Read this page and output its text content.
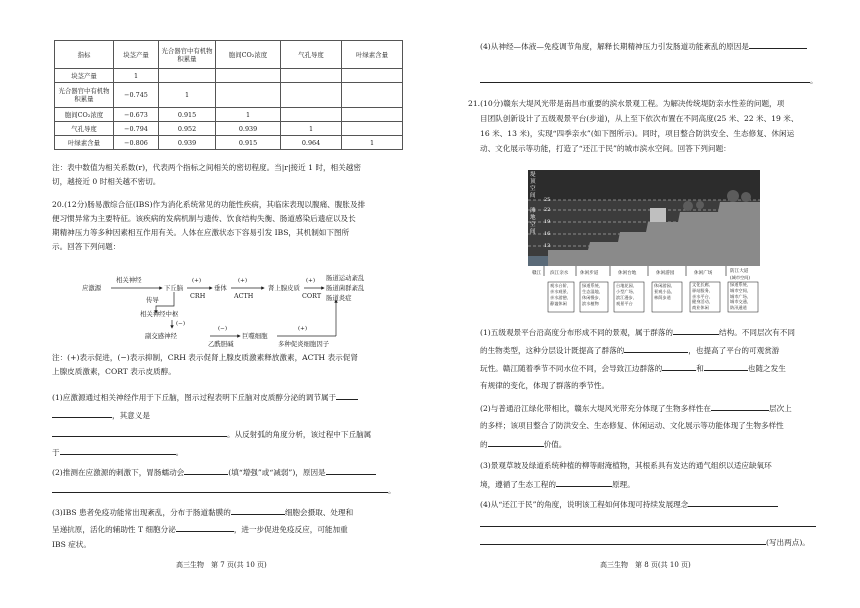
指标	块茎产量	光合器官中有机物积累量	胞间CO₂浓度	气孔导度	叶绿素含量
块茎产量	1				
光合器官中有机物积累量	−0.745	1			
胞间CO₂浓度	−0.673	0.915	1		
气孔导度	−0.794	0.952	0.939	1	
叶绿素含量	−0.806	0.939	0.915	0.964	1
注：表中数值为相关系数(r)，代表两个指标之间相关的密切程度。当|r|接近 1 时，相关越密
切，越接近 0 时相关越不密切。
20.(12分)肠易激综合征(IBS)作为消化系统常见的功能性疾病，其临床表现以腹痛、腹胀及排
便习惯异常为主要特征。该疾病的发病机制与遗传、饮食结构失衡、肠道感染后遗症以及长
期精神压力等多种因素相互作用有关。人体在应激状态下容易引发 IBS，其机制如下图所
示。回答下列问题：
应激源
相关神经
下丘脑
(+)
CRH
垂体
(+)
ACTH
肾上腺皮质
(+)
CORT
肠道运动紊乱
肠道菌群紊乱
肠道炎症
传导
相关神经中枢
(−)
副交感神经
(−)
乙酰胆碱
巨噬细胞
(+)
多种促炎细胞因子
注：(+)表示促进，(−)表示抑制，CRH 表示促肾上腺皮质激素释放激素，ACTH 表示促肾
上腺皮质激素，CORT 表示皮质醇。
(1)应激源通过相关神经作用于下丘脑，图示过程表明下丘脑对皮质醇分泌的调节属于
，其意义是
。从反射弧的角度分析，该过程中下丘脑属
于	。
(2)推测在应激源的刺激下，胃肠蠕动会	(填“增强”或“减弱”)，原因是
。
(3)IBS 患者免疫功能常出现紊乱，分布于肠道黏膜的	细胞会摄取、处理和
呈递抗原，活化的辅助性 T 细胞分泌	，进一步促进免疫反应，可能加重
IBS 症状。
高三生物　第 7 页(共 10 页)
(4)从神经—体液—免疫调节角度，解释长期精神压力引发肠道功能紊乱的原因是
。
21.(10分)赣东大堤风光带是南昌市重要的滨水景观工程。为解决传统堤防亲水性差的问题，项
目团队创新设计了五级观景平台(步道)，从上至下依次布置在不同高度(25 米、22 米、19 米、
16 米、13 米)，实现“四季亲水”(如下图所示)。同时，项目整合防洪安全、生态修复、休闲运
动、文化展示等功能，打造了“还江于民”的城市滨水空间。回答下列问题：
堤顶空间
滩地空间
25
22
19
16
13
赣江 滨江亲水	休闲步道	休闲台地	休闲游园	休闲广场	防江大道
(城市空间)
观水台阶、
亲水观景、
亲水游憩、
静谧休闲
绿道系统、
生态湿地、
休闲慢步、
滨水植物
台地花园、
小型广场、
滨江漫步、
观景平台
休闲游园、
景观小品、
林荫步道
文化长廊、
驿站服务、
亲水平台、
健身活动、
商业休闲
绿道系统、
城市空间、
城市广场、
城市交通、
防汛通道
(1)五级观景平台沿高度分布形成不同的景观，属于群落的	结构。不同层次有不同
的生物类型，这种分层设计既提高了群落的	，也提高了平台的可观赏游
玩性。赣江随着季节不同水位不同，会导致江边群落的	和	也随之发生
有规律的变化，体现了群落的季节性。
(2)与普通沿江绿化带相比，赣东大堤风光带充分体现了生物多样性在	层次上
的多样；该项目整合了防洪安全、生态修复、休闲运动、文化展示等功能体现了生物多样性
的	价值。
(3)景观草坡及绿道系统种植的柳等耐淹植物，其根系具有发达的通气组织以适应缺氧环
境，遵循了生态工程的	原理。
(4)从“还江于民”的角度，说明该工程如何体现可持续发展理念
(写出两点)。
高三生物　第 8 页(共 10 页)
